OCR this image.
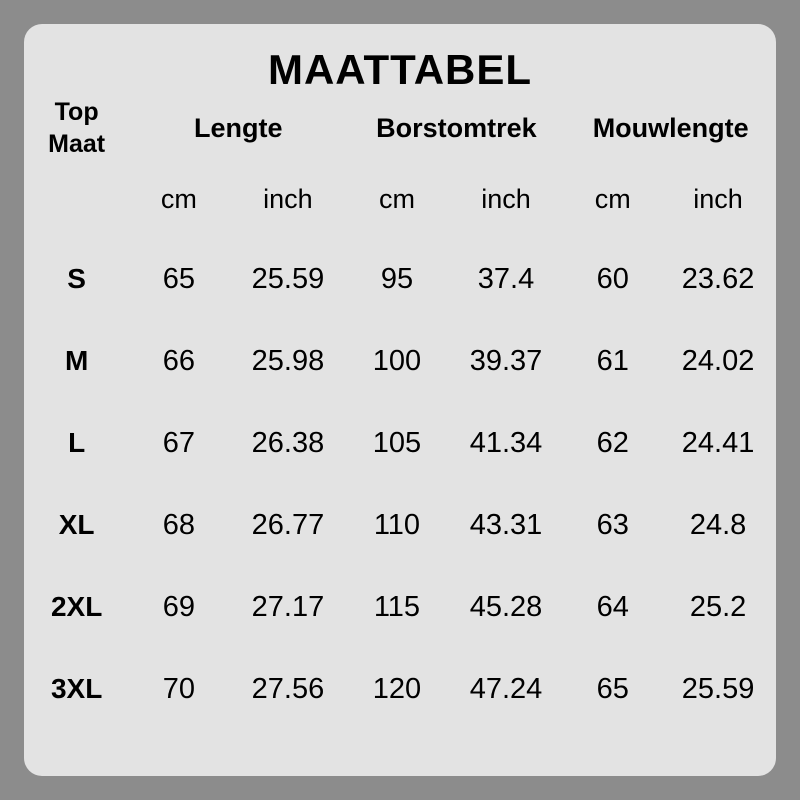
MAATTABEL
Top
Maat	Lengte		Borstomtrek		Mouwlengte	
	cm	inch	cm	inch	cm	inch
S	65	25.59	95	37.4	60	23.62
M	66	25.98	100	39.37	61	24.02
L	67	26.38	105	41.34	62	24.41
XL	68	26.77	110	43.31	63	24.8
2XL	69	27.17	115	45.28	64	25.2
3XL	70	27.56	120	47.24	65	25.59
